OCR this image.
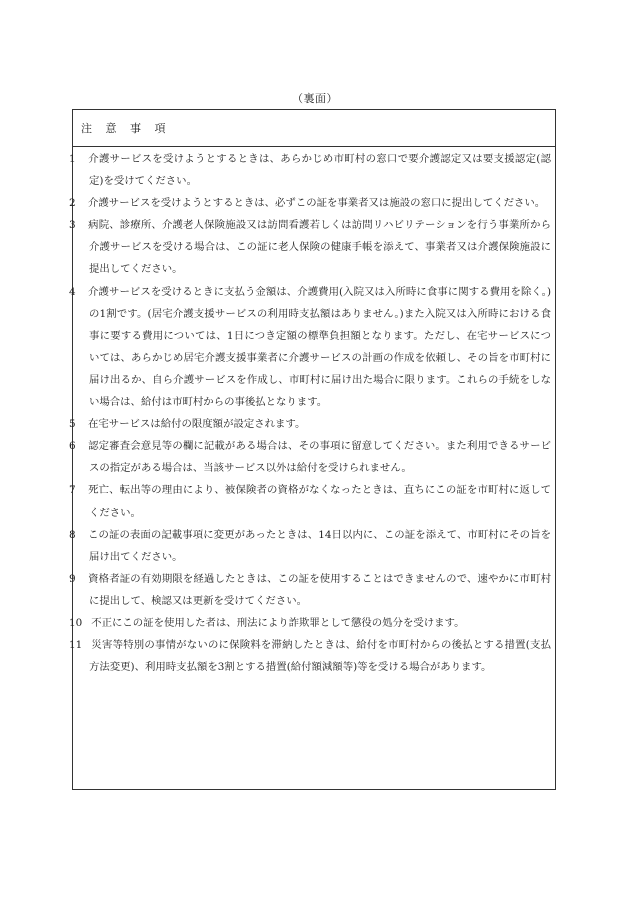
（裏面）
注 意 事 項

1 介護サービスを受けようとするときは、あらかじめ市町村の窓口で要介護認定又は要支援認定(認定)を受けてください。

2 介護サービスを受けようとするときは、必ずこの証を事業者又は施設の窓口に提出してください。

3 病院、診療所、介護老人保険施設又は訪問看護若しくは訪問リハビリテーションを行う事業所から介護サービスを受ける場合は、この証に老人保険の健康手帳を添えて、事業者又は介護保険施設に提出してください。

4 介護サービスを受けるときに支払う金額は、介護費用(入院又は入所時に食事に関する費用を除く。)の1割です。(居宅介護支援サービスの利用時支払額はありません。)また入院又は入所時における食事に要する費用については、1日につき定額の標準負担額となります。ただし、在宅サービスについては、あらかじめ居宅介護支援事業者に介護サービスの計画の作成を依頼し、その旨を市町村に届け出るか、自ら介護サービスを作成し、市町村に届け出た場合に限ります。これらの手続をしない場合は、給付は市町村からの事後払となります。

5 在宅サービスは給付の限度額が設定されます。

6 認定審査会意見等の欄に記載がある場合は、その事項に留意してください。また利用できるサービスの指定がある場合は、当該サービス以外は給付を受けられません。

7 死亡、転出等の理由により、被保険者の資格がなくなったときは、直ちにこの証を市町村に返してください。

8 この証の表面の記載事項に変更があったときは、14日以内に、この証を添えて、市町村にその旨を届け出てください。

9 資格者証の有効期限を経過したときは、この証を使用することはできませんので、速やかに市町村に提出して、検認又は更新を受けてください。

10 不正にこの証を使用した者は、刑法により詐欺罪として懲役の処分を受けます。

11 災害等特別の事情がないのに保険料を滞納したときは、給付を市町村からの後払とする措置(支払方法変更)、利用時支払額を3割とする措置(給付額減額等)等を受ける場合があります。
